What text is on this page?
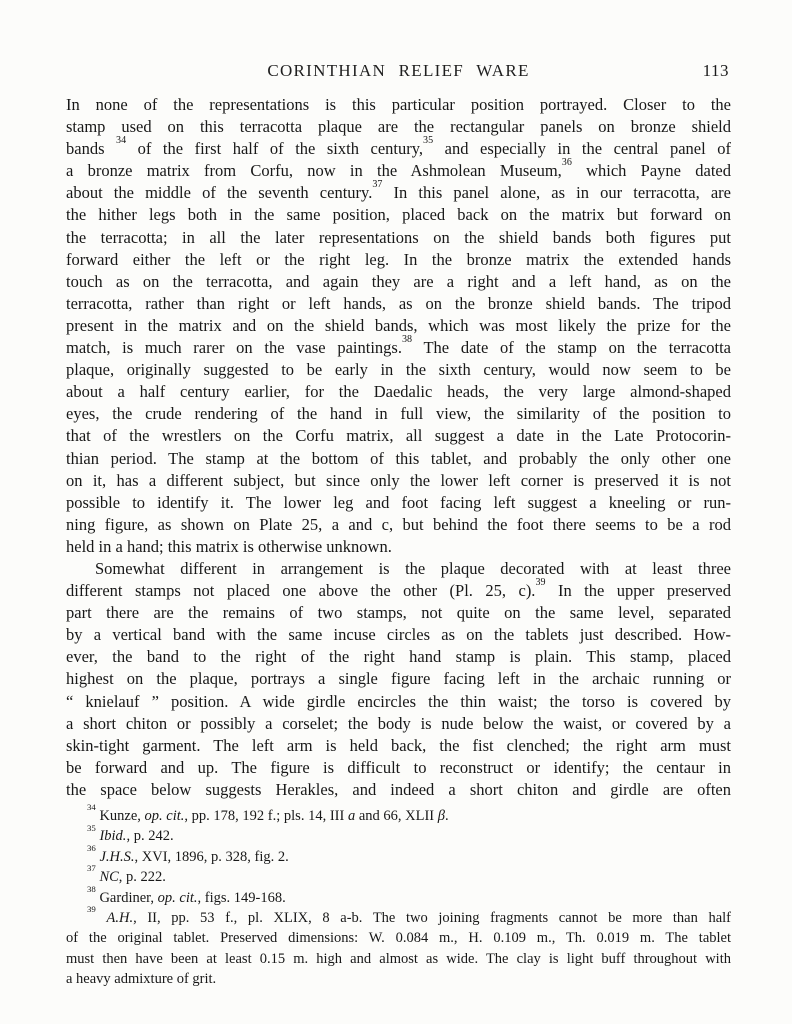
CORINTHIAN RELIEF WARE	113
In none of the representations is this particular position portrayed. Closer to the
stamp used on this terracotta plaque are the rectangular panels on bronze shield
bands $^{34}$ of the first half of the sixth century,$^{35}$ and especially in the central panel of
a bronze matrix from Corfu, now in the Ashmolean Museum,$^{36}$ which Payne dated
about the middle of the seventh century.$^{37}$ In this panel alone, as in our terracotta, are
the hither legs both in the same position, placed back on the matrix but forward on
the terracotta; in all the later representations on the shield bands both figures put
forward either the left or the right leg. In the bronze matrix the extended hands
touch as on the terracotta, and again they are a right and a left hand, as on the
terracotta, rather than right or left hands, as on the bronze shield bands. The tripod
present in the matrix and on the shield bands, which was most likely the prize for the
match, is much rarer on the vase paintings.$^{38}$ The date of the stamp on the terracotta
plaque, originally suggested to be early in the sixth century, would now seem to be
about a half century earlier, for the Daedalic heads, the very large almond-shaped
eyes, the crude rendering of the hand in full view, the similarity of the position to
that of the wrestlers on the Corfu matrix, all suggest a date in the Late Protocorin-
thian period. The stamp at the bottom of this tablet, and probably the only other one
on it, has a different subject, but since only the lower left corner is preserved it is not
possible to identify it. The lower leg and foot facing left suggest a kneeling or run-
ning figure, as shown on Plate 25, a and c, but behind the foot there seems to be a rod
held in a hand; this matrix is otherwise unknown.
Somewhat different in arrangement is the plaque decorated with at least three
different stamps not placed one above the other (Pl. 25, c).$^{39}$ In the upper preserved
part there are the remains of two stamps, not quite on the same level, separated
by a vertical band with the same incuse circles as on the tablets just described. How-
ever, the band to the right of the right hand stamp is plain. This stamp, placed
highest on the plaque, portrays a single figure facing left in the archaic running or
“ knielauf ” position. A wide girdle encircles the thin waist; the torso is covered by
a short chiton or possibly a corselet; the body is nude below the waist, or covered by a
skin-tight garment. The left arm is held back, the fist clenched; the right arm must
be forward and up. The figure is difficult to reconstruct or identify; the centaur in
the space below suggests Herakles, and indeed a short chiton and girdle are often
$^{34}$ Kunze, op. cit., pp. 178, 192 f.; pls. 14, III a and 66, XLII β.
$^{35}$ Ibid., p. 242.
$^{36}$ J.H.S., XVI, 1896, p. 328, fig. 2.
$^{37}$ NC, p. 222.
$^{38}$ Gardiner, op. cit., figs. 149-168.
$^{39}$ A.H., II, pp. 53 f., pl. XLIX, 8 a-b. The two joining fragments cannot be more than half
of the original tablet. Preserved dimensions: W. 0.084 m., H. 0.109 m., Th. 0.019 m. The tablet
must then have been at least 0.15 m. high and almost as wide. The clay is light buff throughout with
a heavy admixture of grit.
